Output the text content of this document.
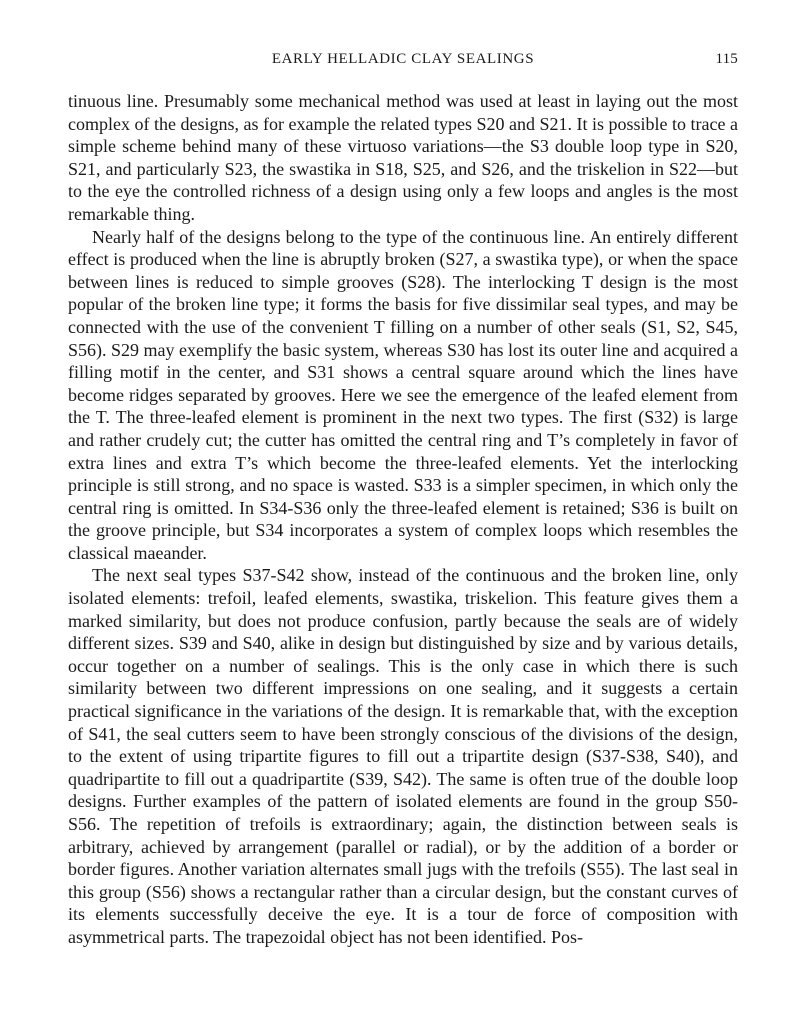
EARLY HELLADIC CLAY SEALINGS	115

tinuous line. Presumably some mechanical method was used at least in laying out the most complex of the designs, as for example the related types S20 and S21. It is possible to trace a simple scheme behind many of these virtuoso variations—the S3 double loop type in S20, S21, and particularly S23, the swastika in S18, S25, and S26, and the triskelion in S22—but to the eye the controlled richness of a design using only a few loops and angles is the most remarkable thing.

Nearly half of the designs belong to the type of the continuous line. An entirely different effect is produced when the line is abruptly broken (S27, a swastika type), or when the space between lines is reduced to simple grooves (S28). The interlocking T design is the most popular of the broken line type; it forms the basis for five dissimilar seal types, and may be connected with the use of the convenient T filling on a number of other seals (S1, S2, S45, S56). S29 may exemplify the basic system, whereas S30 has lost its outer line and acquired a filling motif in the center, and S31 shows a central square around which the lines have become ridges separated by grooves. Here we see the emergence of the leafed element from the T. The three-leafed element is prominent in the next two types. The first (S32) is large and rather crudely cut; the cutter has omitted the central ring and T’s completely in favor of extra lines and extra T’s which become the three-leafed elements. Yet the interlocking principle is still strong, and no space is wasted. S33 is a simpler specimen, in which only the central ring is omitted. In S34-S36 only the three-leafed element is retained; S36 is built on the groove principle, but S34 incorporates a system of complex loops which resembles the classical maeander.

The next seal types S37-S42 show, instead of the continuous and the broken line, only isolated elements: trefoil, leafed elements, swastika, triskelion. This feature gives them a marked similarity, but does not produce confusion, partly because the seals are of widely different sizes. S39 and S40, alike in design but distinguished by size and by various details, occur together on a number of sealings. This is the only case in which there is such similarity between two different impressions on one sealing, and it suggests a certain practical significance in the variations of the design. It is remarkable that, with the exception of S41, the seal cutters seem to have been strongly conscious of the divisions of the design, to the extent of using tripartite figures to fill out a tripartite design (S37-S38, S40), and quadripartite to fill out a quadripartite (S39, S42). The same is often true of the double loop designs. Further examples of the pattern of isolated elements are found in the group S50-S56. The repetition of trefoils is extraordinary; again, the distinction between seals is arbitrary, achieved by arrangement (parallel or radial), or by the addition of a border or border figures. Another variation alternates small jugs with the trefoils (S55). The last seal in this group (S56) shows a rectangular rather than a circular design, but the constant curves of its elements successfully deceive the eye. It is a tour de force of composition with asymmetrical parts. The trapezoidal object has not been identified. Pos-
